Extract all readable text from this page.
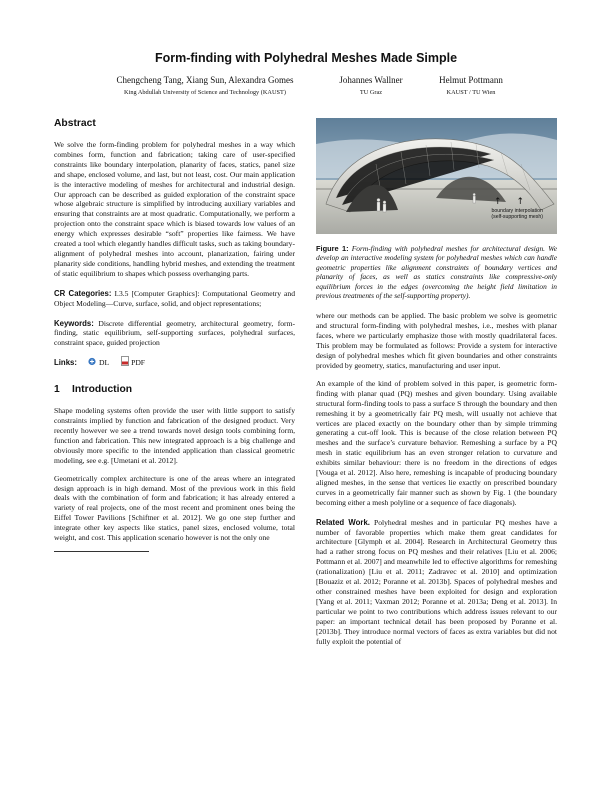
Form-finding with Polyhedral Meshes Made Simple
Chengcheng Tang, Xiang Sun, Alexandra Gomes
King Abdullah University of Science and Technology (KAUST)
Johannes Wallner
TU Graz
Helmut Pottmann
KAUST / TU Wien
Abstract

We solve the form-finding problem for polyhedral meshes in a way which combines form, function and fabrication; taking care of user-specified constraints like boundary interpolation, planarity of faces, statics, panel size and shape, enclosed volume, and last, but not least, cost. Our main application is the interactive modeling of meshes for architectural and industrial design. Our approach can be described as guided exploration of the constraint space whose algebraic structure is simplified by introducing auxiliary variables and ensuring that constraints are at most quadratic. Computationally, we perform a projection onto the constraint space which is biased towards low values of an energy which expresses desirable “soft” properties like fairness. We have created a tool which elegantly handles difficult tasks, such as taking boundary-alignment of polyhedral meshes into account, planarization, fairing under planarity side conditions, handling hybrid meshes, and extending the treatment of static equilibrium to shapes which possess overhanging parts.

CR Categories: I.3.5 [Computer Graphics]: Computational Geometry and Object Modeling—Curve, surface, solid, and object representations;

Keywords: Discrete differential geometry, architectural geometry, form-finding, static equilibrium, self-supporting surfaces, polyhedral surfaces, constraint space, guided projection

Links:	DL	PDF
1 Introduction

Shape modeling systems often provide the user with little support to satisfy constraints implied by function and fabrication of the designed product. Very recently however we see a trend towards novel design tools combining form, function and fabrication. This new integrated approach is a big challenge and obviously more specific to the intended application than classical geometric modeling, see e.g. [Umetani et al. 2012].

Geometrically complex architecture is one of the areas where an integrated design approach is in high demand. Most of the previous work in this field deals with the combination of form and fabrication; it has already entered a variety of real projects, one of the most recent and prominent ones being the Eiffel Tower Pavilions [Schiftner et al. 2012]. We go one step further and integrate other key aspects like statics, panel sizes, enclosed volume, total weight, and cost. This application scenario however is not the only one

↑ ↑
boundary interpolation
(self-supporting mesh)
Figure 1: Form-finding with polyhedral meshes for architectural design. We develop an interactive modeling system for polyhedral meshes which can handle geometric properties like alignment constraints of boundary vertices and planarity of faces, as well as statics constraints like compressive-only equilibrium forces in the edges (overcoming the height field limitation in previous treatments of the self-supporting property).

where our methods can be applied. The basic problem we solve is geometric and structural form-finding with polyhedral meshes, i.e., meshes with planar faces, where we particularly emphasize those with mostly quadrilateral faces. This problem may be formulated as follows: Provide a system for interactive design of polyhedral meshes which fit given boundaries and other constraints provided by geometry, statics, manufacturing and user input.

An example of the kind of problem solved in this paper, is geometric form-finding with planar quad (PQ) meshes and given boundary. Using available structural form-finding tools to pass a surface S through the boundary and then remeshing it by a geometrically fair PQ mesh, will usually not achieve that vertices are placed exactly on the boundary other than by simple trimming generating a cut-off look. This is because of the close relation between PQ meshes and the surface’s curvature behavior. Remeshing a surface by a PQ mesh in static equilibrium has an even stronger relation to curvature and exhibits similar behaviour: there is no freedom in the directions of edges [Vouga et al. 2012]. Also here, remeshing is incapable of producing boundary aligned meshes, in the sense that vertices lie exactly on prescribed boundary curves in a geometrically fair manner such as shown by Fig. 1 (the boundary becoming either a mesh polyline or a sequence of face diagonals).

Related Work. Polyhedral meshes and in particular PQ meshes have a number of favorable properties which make them great candidates for architecture [Glymph et al. 2004]. Research in Architectural Geometry thus had a rather strong focus on PQ meshes and their relatives [Liu et al. 2006; Pottmann et al. 2007] and meanwhile led to effective algorithms for remeshing (rationalization) [Liu et al. 2011; Zadravec et al. 2010] and optimization [Bouaziz et al. 2012; Poranne et al. 2013b]. Spaces of polyhedral meshes and other constrained meshes have been exploited for design and exploration [Yang et al. 2011; Vaxman 2012; Poranne et al. 2013a; Deng et al. 2013]. In particular we point to two contributions which address issues relevant to our paper: an important technical detail has been proposed by Poranne et al. [2013b]. They introduce normal vectors of faces as extra variables but did not fully exploit the potential of
